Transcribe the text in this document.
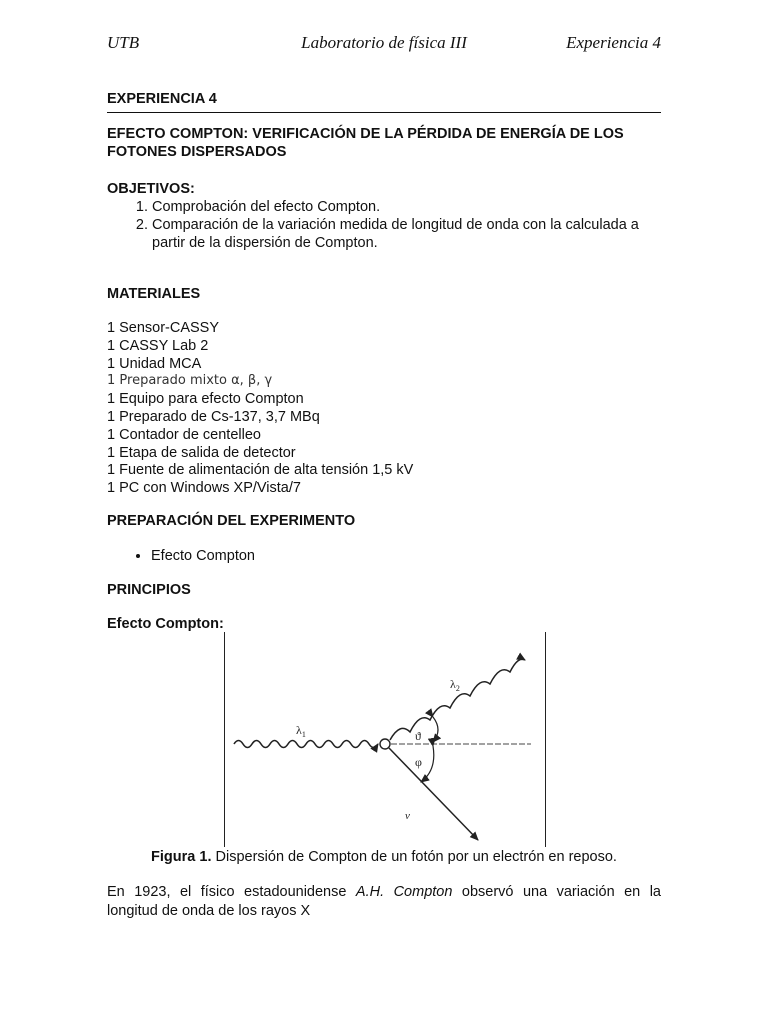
UTB	Laboratorio de física III	Experiencia 4

EXPERIENCIA 4

EFECTO COMPTON: VERIFICACIÓN DE LA PÉRDIDA DE ENERGÍA DE LOS FOTONES DISPERSADOS

OBJETIVOS:

1. Comprobación del efecto Compton.
2. Comparación de la variación medida de longitud de onda con la calculada a partir de la dispersión de Compton.

MATERIALES

1 Sensor-CASSY
1 CASSY Lab 2
1 Unidad MCA
1 Preparado mixto α, β, γ
1 Equipo para efecto Compton
1 Preparado de Cs-137, 3,7 MBq
1 Contador de centelleo
1 Etapa de salida de detector
1 Fuente de alimentación de alta tensión 1,5 kV
1 PC con Windows XP/Vista/7

PREPARACIÓN DEL EXPERIMENTO

• Efecto Compton

PRINCIPIOS

Efecto Compton:

$\lambda_1$
$\lambda_2$
ϑ
φ
v
Figura 1. Dispersión de Compton de un fotón por un electrón en reposo.
En 1923, el físico estadounidense A.H. Compton observó una variación en la
longitud de onda de los rayos X
